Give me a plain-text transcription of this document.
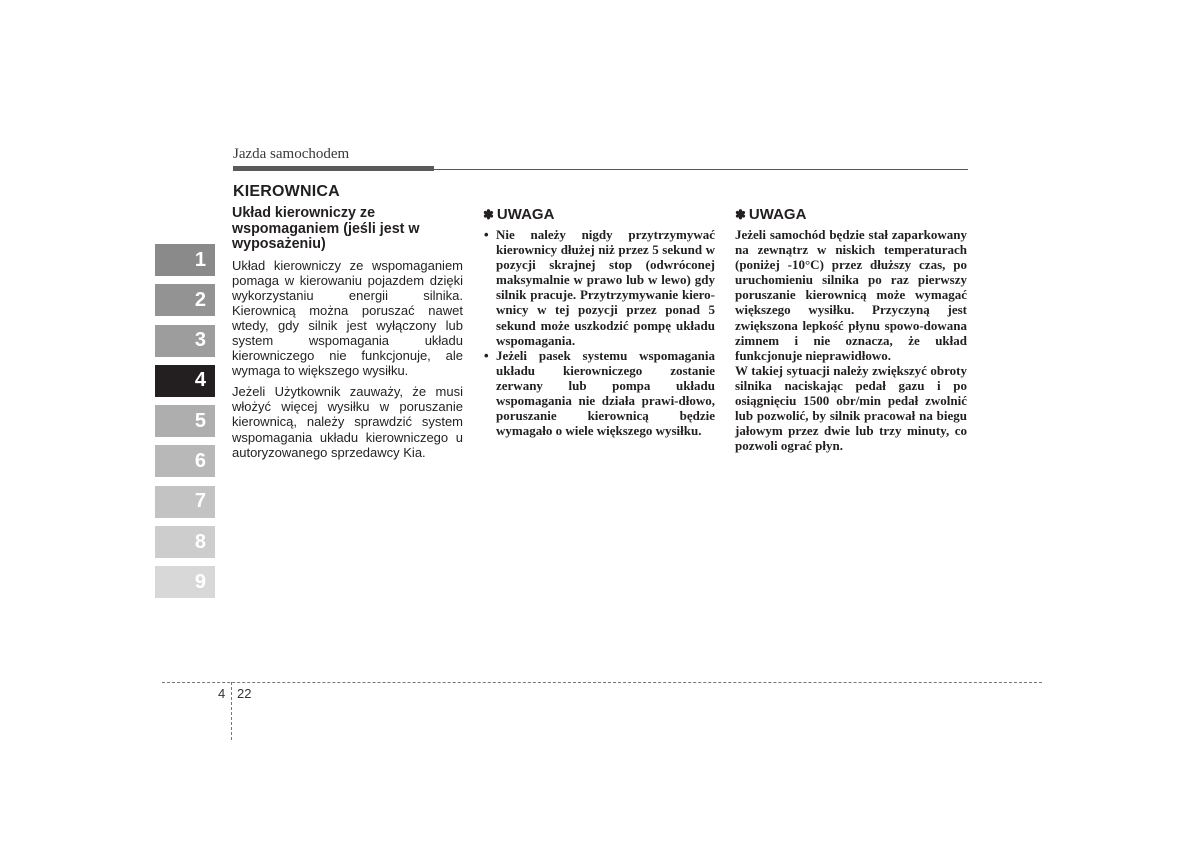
Jazda samochodem
1
2
3
4
5
6
7
8
9
KIEROWNICA
Układ kierowniczy ze wspomaganiem (jeśli jest w wyposażeniu)

Układ kierowniczy ze wspomaganiem pomaga w kierowaniu pojazdem dzięki wykorzystaniu energii silnika. Kierownicą można poruszać nawet wtedy, gdy silnik jest wyłączony lub system wspomagania układu kierowniczego nie funkcjonuje, ale wymaga to większego wysiłku.

Jeżeli Użytkownik zauważy, że musi włożyć więcej wysiłku w poruszanie kierownicą, należy sprawdzić system wspomagania układu kierowniczego u autoryzowanego sprzedawcy Kia.

✽ UWAGA
• Nie należy nigdy przytrzymywać kierownicy dłużej niż przez 5 sekund w pozycji skrajnej stop (odwróconej maksymalnie w prawo lub w lewo) gdy silnik pracuje. Przytrzymywanie kiero-wnicy w tej pozycji przez ponad 5 sekund może uszkodzić pompę układu wspomagania.
• Jeżeli pasek systemu wspomagania układu kierowniczego zostanie zerwany lub pompa układu wspomagania nie działa prawi-dłowo, poruszanie kierownicą będzie wymagało o wiele większego wysiłku.
✽ UWAGA

Jeżeli samochód będzie stał zaparkowany na zewnątrz w niskich temperaturach (poniżej -10°C) przez dłuższy czas, po uruchomieniu silnika po raz pierwszy poruszanie kierownicą może wymagać większego wysiłku. Przyczyną jest zwiększona lepkość płynu spowo-dowana zimnem i nie oznacza, że układ funkcjonuje nieprawidłowo.

W takiej sytuacji należy zwiększyć obroty silnika naciskając pedał gazu i po osiągnięciu 1500 obr/min pedał zwolnić lub pozwolić, by silnik pracował na biegu jałowym przez dwie lub trzy minuty, co pozwoli ograć płyn.

4 22
